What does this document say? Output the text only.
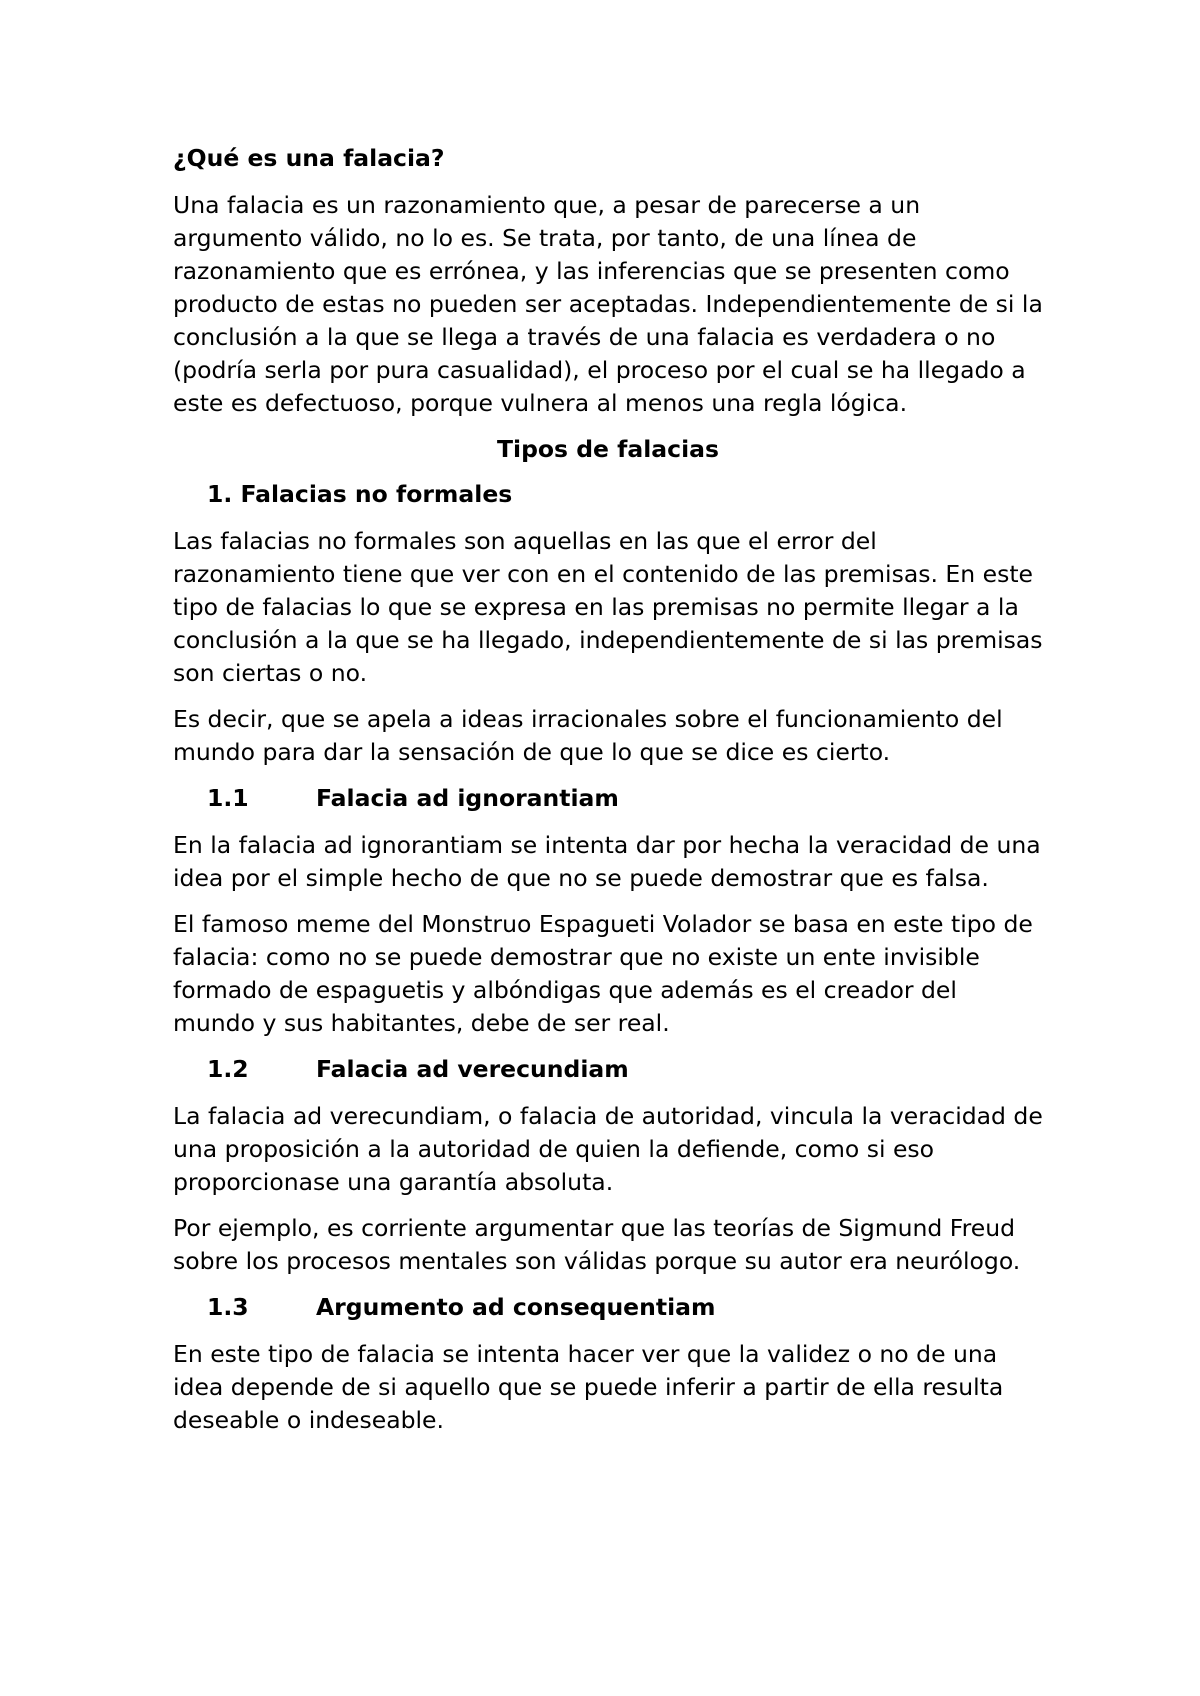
¿Qué es una falacia?

Una falacia es un razonamiento que, a pesar de parecerse a un argumento válido, no lo es. Se trata, por tanto, de una línea de razonamiento que es errónea, y las inferencias que se presenten como producto de estas no pueden ser aceptadas. Independientemente de si la conclusión a la que se llega a través de una falacia es verdadera o no (podría serla por pura casualidad), el proceso por el cual se ha llegado a este es defectuoso, porque vulnera al menos una regla lógica.

Tipos de falacias

1. Falacias no formales

Las falacias no formales son aquellas en las que el error del razonamiento tiene que ver con en el contenido de las premisas. En este tipo de falacias lo que se expresa en las premisas no permite llegar a la conclusión a la que se ha llegado, independientemente de si las premisas son ciertas o no.

Es decir, que se apela a ideas irracionales sobre el funcionamiento del mundo para dar la sensación de que lo que se dice es cierto.

1.1	Falacia ad ignorantiam

En la falacia ad ignorantiam se intenta dar por hecha la veracidad de una idea por el simple hecho de que no se puede demostrar que es falsa.

El famoso meme del Monstruo Espagueti Volador se basa en este tipo de falacia: como no se puede demostrar que no existe un ente invisible formado de espaguetis y albóndigas que además es el creador del mundo y sus habitantes, debe de ser real.

1.2	Falacia ad verecundiam

La falacia ad verecundiam, o falacia de autoridad, vincula la veracidad de una proposición a la autoridad de quien la defiende, como si eso proporcionase una garantía absoluta.

Por ejemplo, es corriente argumentar que las teorías de Sigmund Freud sobre los procesos mentales son válidas porque su autor era neurólogo.

1.3	Argumento ad consequentiam

En este tipo de falacia se intenta hacer ver que la validez o no de una idea depende de si aquello que se puede inferir a partir de ella resulta deseable o indeseable.
